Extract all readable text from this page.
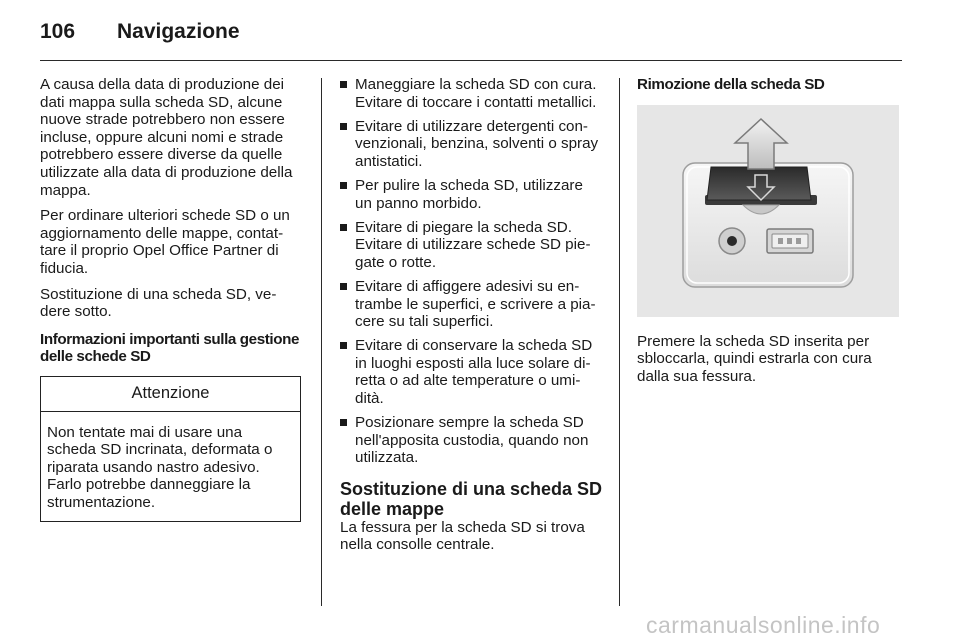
106 Navigazione

A causa della data di produzione dei dati mappa sulla scheda SD, alcune nuove strade potrebbero non essere incluse, oppure alcuni nomi e strade potrebbero essere diverse da quelle utilizzate alla data di produzione della mappa.

Per ordinare ulteriori schede SD o un aggiornamento delle mappe, contat-tare il proprio Opel Office Partner di fiducia.

Sostituzione di una scheda SD, ve-dere sotto.

Informazioni importanti sulla gestione delle schede SD

Attenzione
Non tentate mai di usare una scheda SD incrinata, deformata o riparata usando nastro adesivo. Farlo potrebbe danneggiare la strumentazione.
Maneggiare la scheda SD con cura. Evitare di toccare i contatti metallici.
Evitare di utilizzare detergenti con-venzionali, benzina, solventi o spray antistatici.
Per pulire la scheda SD, utilizzare un panno morbido.
Evitare di piegare la scheda SD. Evitare di utilizzare schede SD pie-gate o rotte.
Evitare di affiggere adesivi su en-trambe le superfici, e scrivere a pia-cere su tali superfici.
Evitare di conservare la scheda SD in luoghi esposti alla luce solare di-retta o ad alte temperature o umi-dità.
Posizionare sempre la scheda SD nell'apposita custodia, quando non utilizzata.
Sostituzione di una scheda SD delle mappe
La fessura per la scheda SD si trova nella consolle centrale.

Rimozione della scheda SD

Premere la scheda SD inserita per sbloccarla, quindi estrarla con cura dalla sua fessura.

carmanualsonline.info
